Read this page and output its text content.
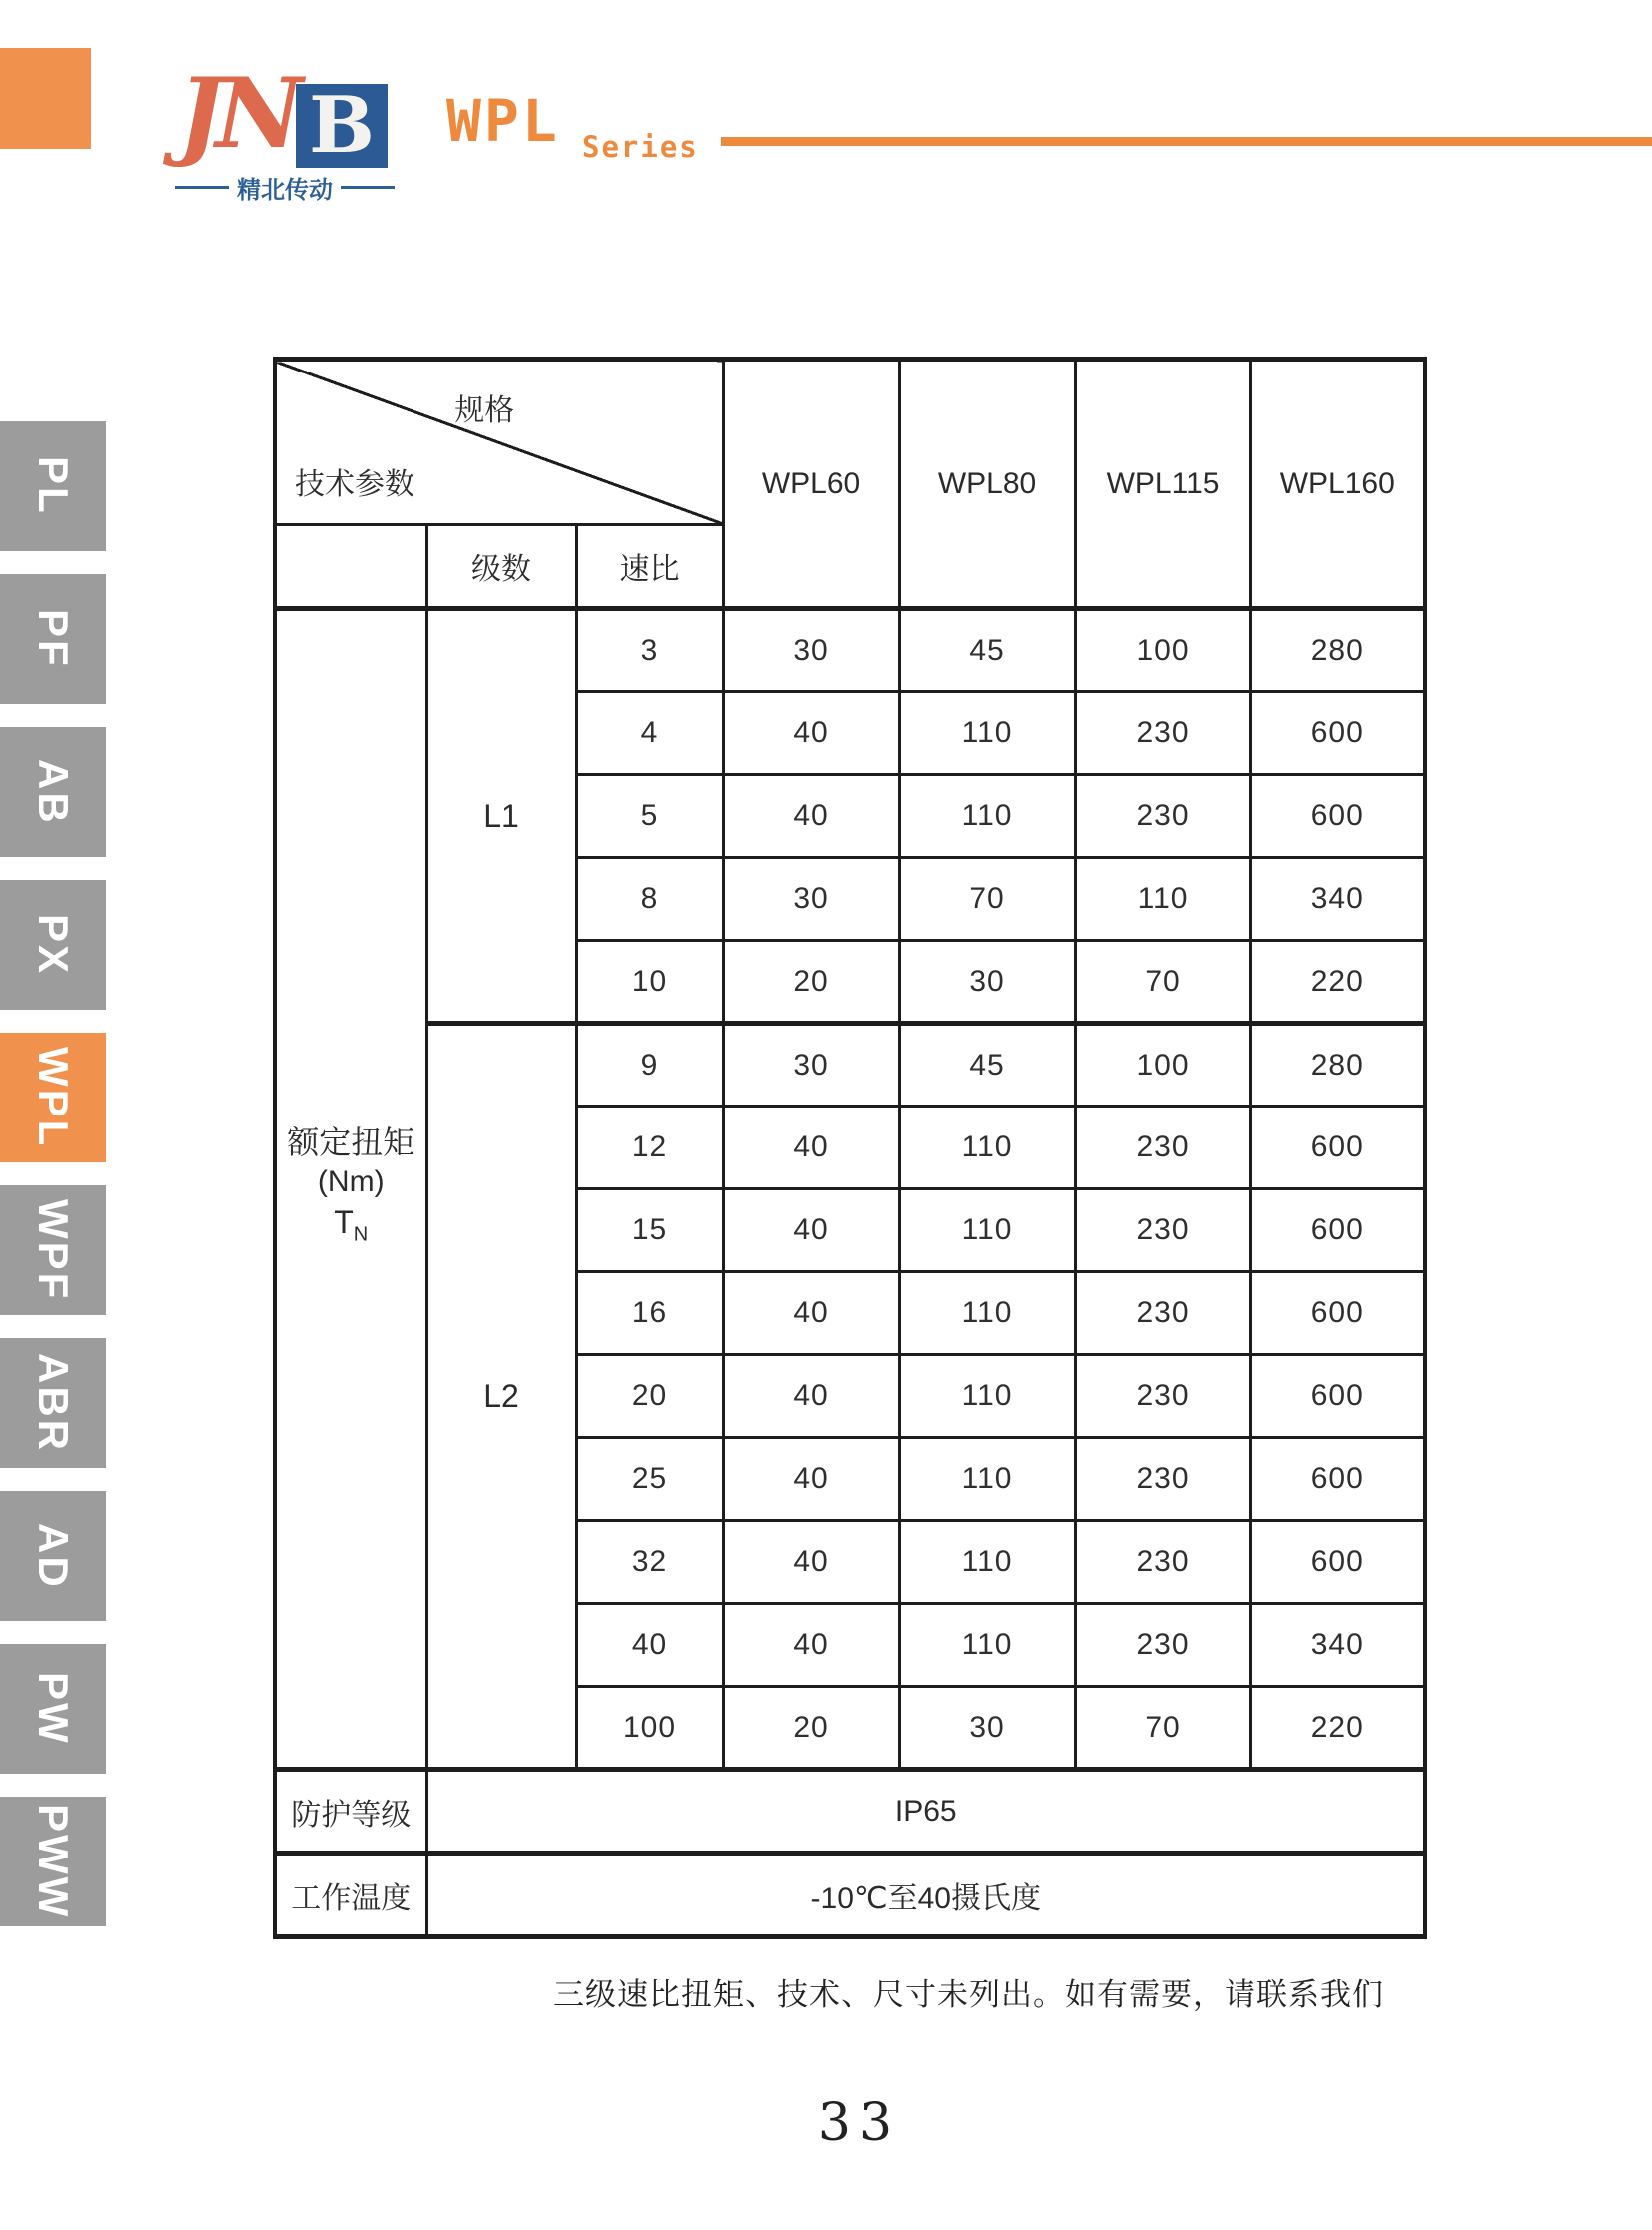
JN B
精北传动
WPL Series
PL
PF
AB
PX
WPL
WPF
ABR
AD
PW
PWW
规格
技术参数			WPL60	WPL80	WPL115	WPL160
	级数	速比				

额定扭矩
(Nm)
$T_N$	L1	3	30	45	100	280
		4	40	110	230	600
		5	40	110	230	600
		8	30	70	110	340
		10	20	30	70	220
	L2	9	30	45	100	280
		12	40	110	230	600
		15	40	110	230	600
		16	40	110	230	600
		20	40	110	230	600
		25	40	110	230	600
		32	40	110	230	600
		40	40	110	230	340
		100	20	30	70	220
防护等级	IP65					
工作温度	-10℃至40摄氏度					
三级速比扭矩、技术、尺寸未列出。如有需要，请联系我们
33
